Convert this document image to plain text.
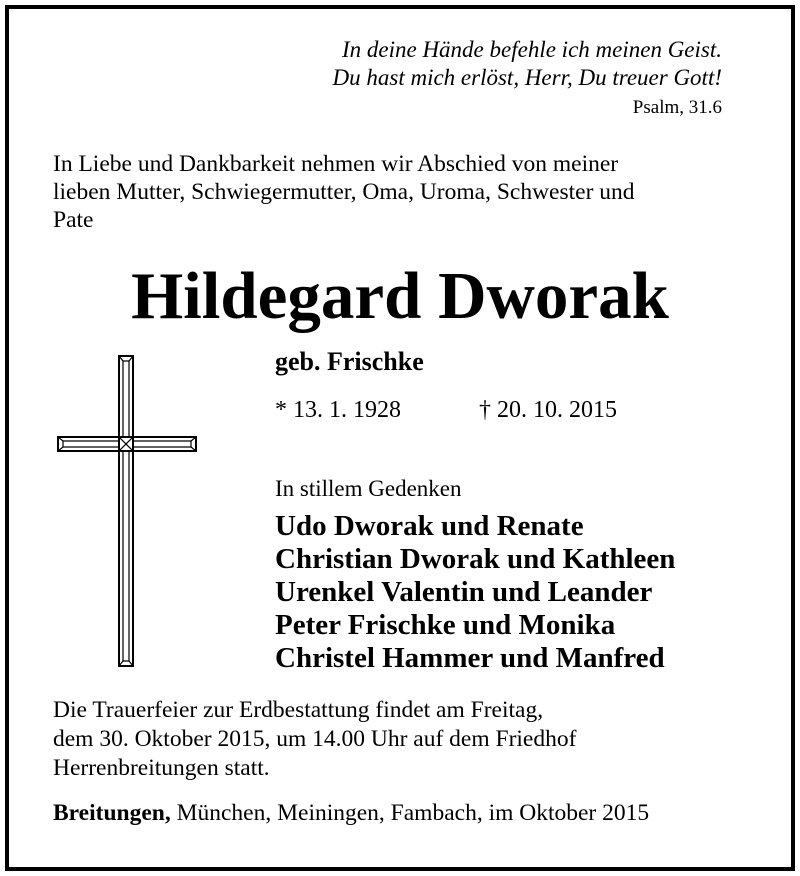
In deine Hände befehle ich meinen Geist.
Du hast mich erlöst, Herr, Du treuer Gott!
Psalm, 31.6
In Liebe und Dankbarkeit nehmen wir Abschied von meiner
lieben Mutter, Schwiegermutter, Oma, Uroma, Schwester und
Pate
Hildegard Dworak
geb. Frischke
* 13. 1. 1928	† 20. 10. 2015
In stillem Gedenken
Udo Dworak und Renate
Christian Dworak und Kathleen
Urenkel Valentin und Leander
Peter Frischke und Monika
Christel Hammer und Manfred
Die Trauerfeier zur Erdbestattung findet am Freitag,
dem 30. Oktober 2015, um 14.00 Uhr auf dem Friedhof
Herrenbreitungen statt.
Breitungen, München, Meiningen, Fambach, im Oktober 2015
